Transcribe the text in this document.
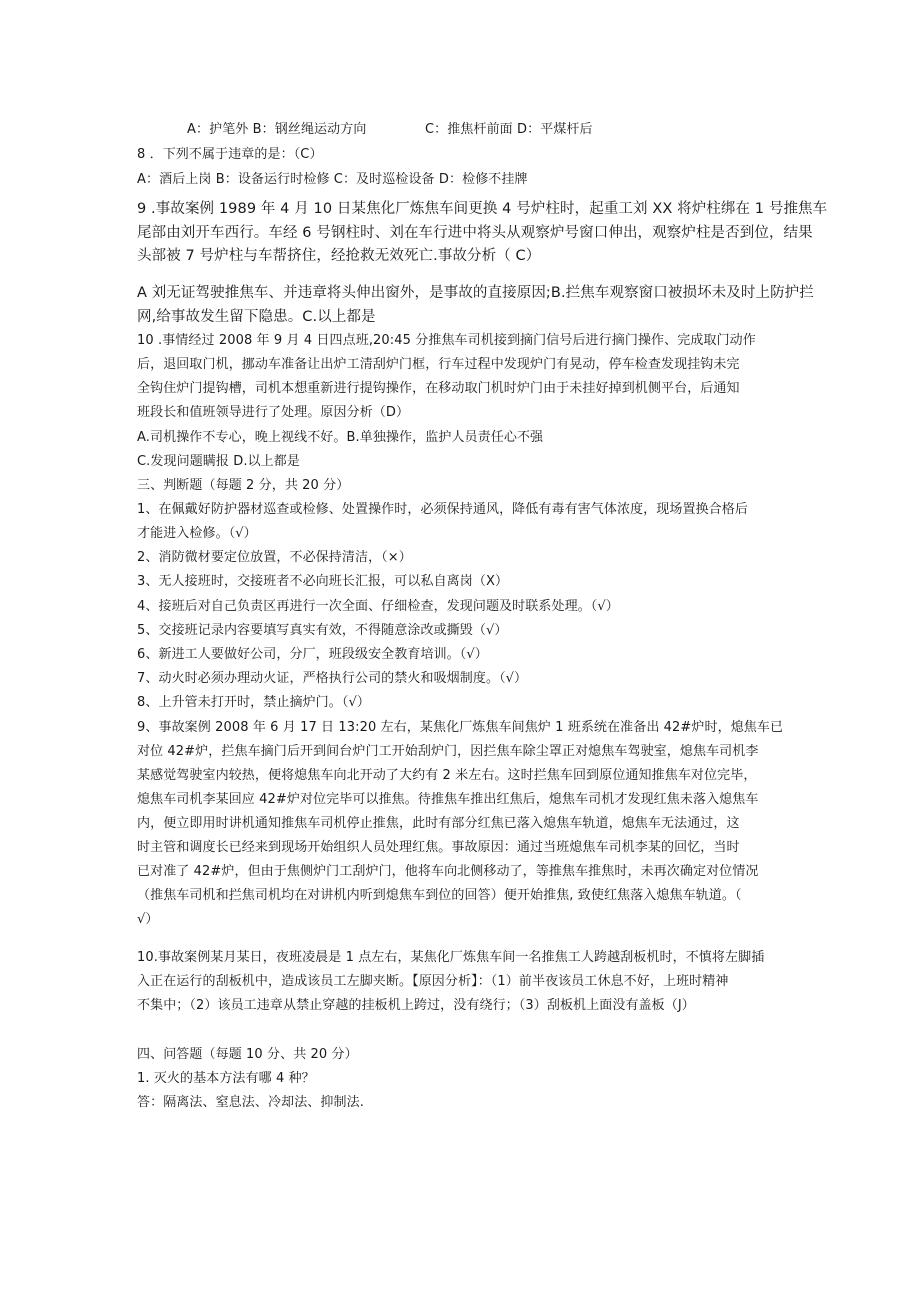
A：护笔外 B：钢丝绳运动方向	C：推焦杆前面 D：平煤杆后
8 ．下列不属于违章的是：（C）
A：酒后上岗 B：设备运行时检修 C：及时巡检设备 D：检修不挂牌
9 .事故案例 1989 年 4 月 10 日某焦化厂炼焦车间更换 4 号炉柱时，起重工刘 XX 将炉柱绑在 1 号推焦车
尾部由刘开车西行。车经 6 号钢柱时、刘在车行进中将头从观察炉号窗口伸出，观察炉柱是否到位，结果
头部被 7 号炉柱与车帮挤住，经抢救无效死亡.事故分析（ C）
A 刘无证驾驶推焦车、并违章将头伸出窗外，是事故的直接原因;B.拦焦车观察窗口被损坏未及时上防护拦
网,给事故发生留下隐患。C.以上都是
10 .事情经过 2008 年 9 月 4 日四点班,20:45 分推焦车司机接到摘门信号后进行摘门操作、完成取门动作
后，退回取门机，挪动车准备让出炉工清刮炉门框，行车过程中发现炉门有晃动，停车检查发现挂钩未完
全钩住炉门提钩槽，司机本想重新进行提钩操作，在移动取门机时炉门由于未挂好掉到机侧平台，后通知
班段长和值班领导进行了处理。原因分析（D）
A.司机操作不专心，晚上视线不好。B.单独操作，监护人员责任心不强
C.发现问题瞒报 D.以上都是
三、判断题（每题 2 分，共 20 分）
1、在佩戴好防护器材巡查或检修、处置操作时，必须保持通风，降低有毒有害气体浓度，现场置换合格后
才能进入检修。（√）
2、消防微材要定位放置，不必保持清洁，（×）
3、无人接班时，交接班者不必向班长汇报，可以私自离岗（X）
4、接班后对自己负责区再进行一次全面、仔细检查，发现问题及时联系处理。（√）
5、交接班记录内容要填写真实有效，不得随意涂改或撕毁（√）
6、新进工人要做好公司，分厂，班段级安全教育培训。（√）
7、动火时必须办理动火证，严格执行公司的禁火和吸烟制度。（√）
8、上升管未打开时，禁止摘炉门。（√）
9、事故案例 2008 年 6 月 17 日 13:20 左右，某焦化厂炼焦车间焦炉 1 班系统在准备出 42#炉时，熄焦车已
对位 42#炉，拦焦车摘门后开到间台炉门工开始刮炉门，因拦焦车除尘罩正对熄焦车驾驶室，熄焦车司机李
某感觉驾驶室内较热，便将熄焦车向北开动了大约有 2 米左右。这时拦焦车回到原位通知推焦车对位完毕，
熄焦车司机李某回应 42#炉对位完毕可以推焦。待推焦车推出红焦后，熄焦车司机才发现红焦未落入熄焦车
内，便立即用时讲机通知推焦车司机停止推焦，此时有部分红焦已落入熄焦车轨道，熄焦车无法通过，这
时主管和调度长已经来到现场开始组织人员处理红焦。事故原因：通过当班熄焦车司机李某的回忆，当时
已对准了 42#炉，但由于焦侧炉门工刮炉门，他将车向北侧移动了，等推焦车推焦时，未再次确定对位情况
（推焦车司机和拦焦司机均在对讲机内听到熄焦车到位的回答）便开始推焦, 致使红焦落入熄焦车轨道。（
√）
10.事故案例某月某日，夜班凌晨是 1 点左右，某焦化厂炼焦车间一名推焦工人跨越刮板机时，不慎将左脚插
入正在运行的刮板机中，造成该员工左脚夹断。【原因分析】：（1）前半夜该员工休息不好，上班时精神
不集中；（2）该员工违章从禁止穿越的挂板机上跨过，没有绕行；（3）刮板机上面没有盖板（J）
四、问答题（每题 10 分、共 20 分）
1. 灭火的基本方法有哪 4 种？
答：隔离法、窒息法、冷却法、抑制法.
